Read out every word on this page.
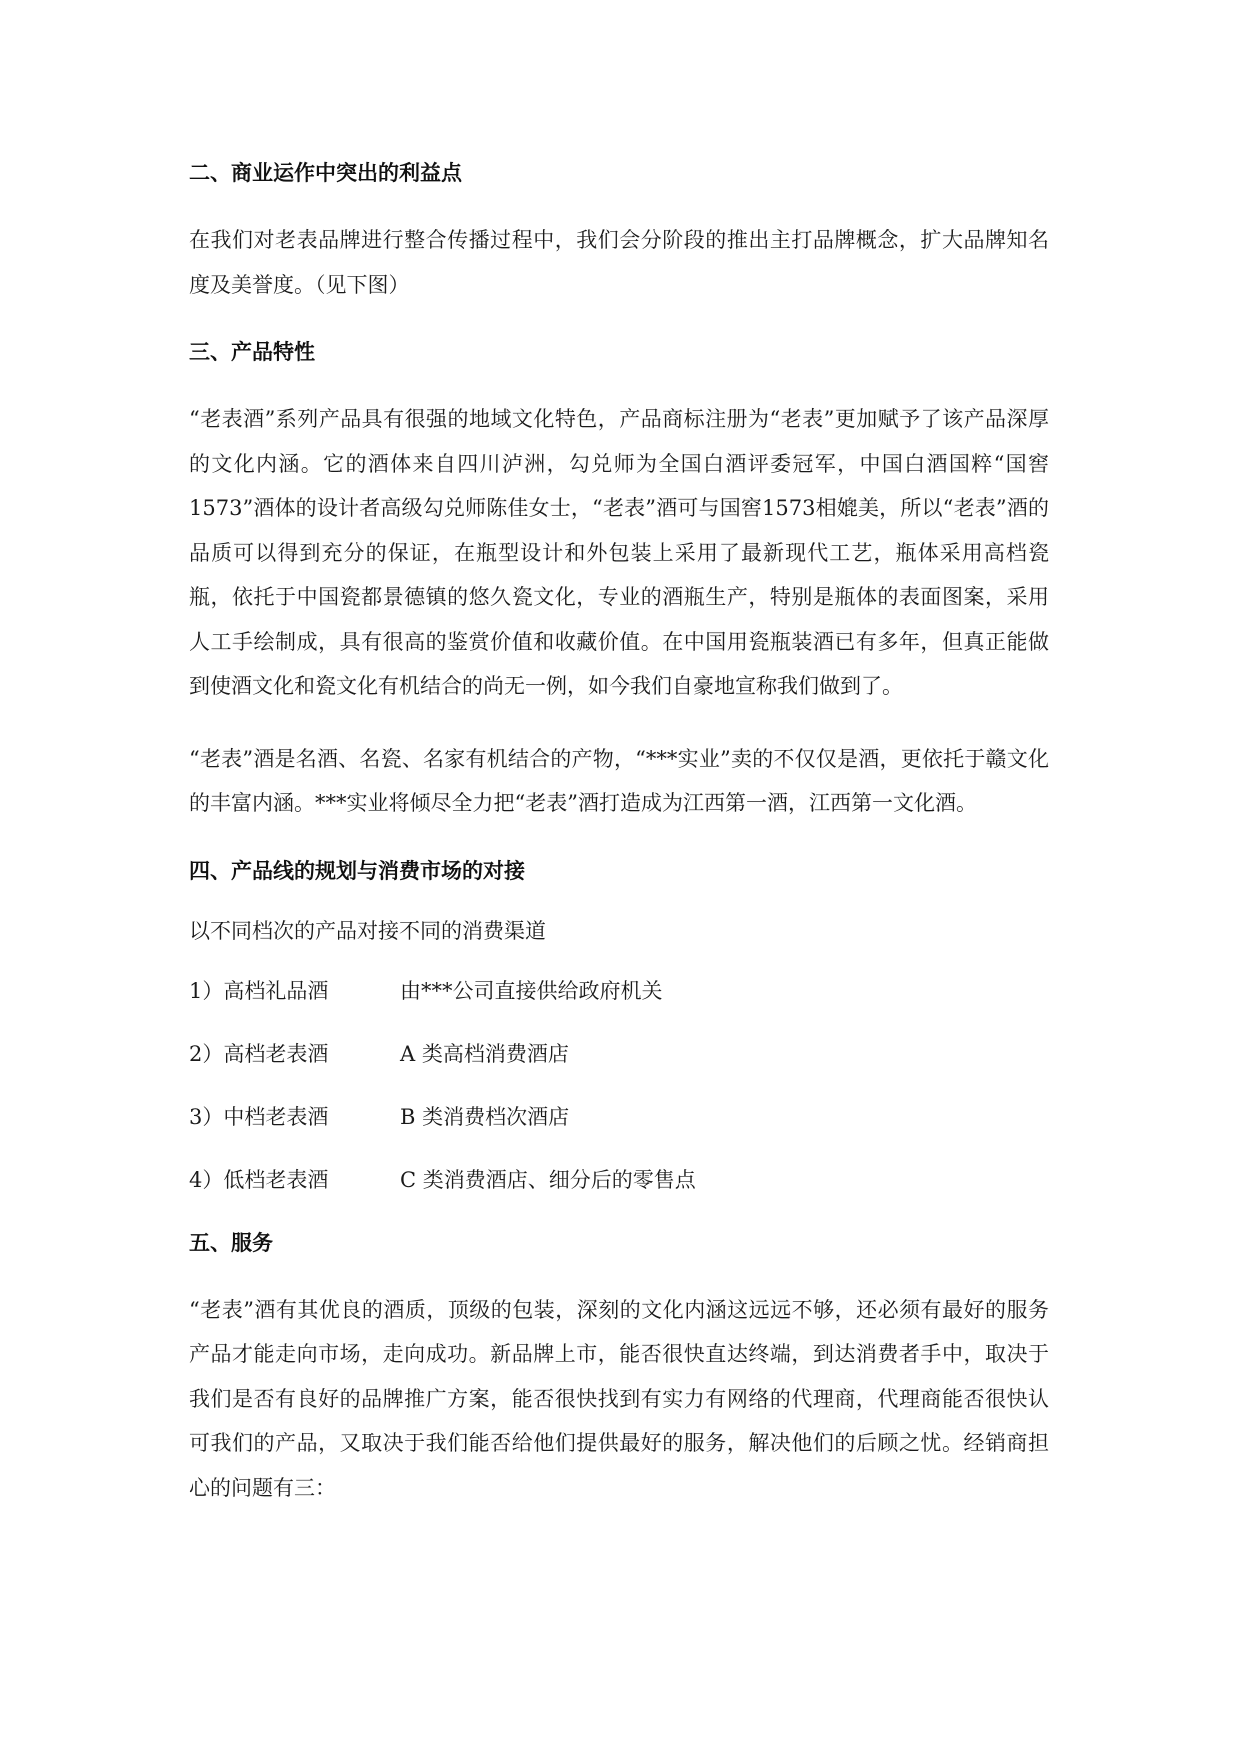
二、商业运作中突出的利益点

在我们对老表品牌进行整合传播过程中，我们会分阶段的推出主打品牌概念，扩大品牌知名度及美誉度。（见下图）

三、产品特性

“老表酒”系列产品具有很强的地域文化特色，产品商标注册为“老表”更加赋予了该产品深厚的文化内涵。它的酒体来自四川泸洲，勾兑师为全国白酒评委冠军，中国白酒国粹“国窖1573”酒体的设计者高级勾兑师陈佳女士，“老表”酒可与国窖1573相媲美，所以“老表”酒的品质可以得到充分的保证，在瓶型设计和外包装上采用了最新现代工艺，瓶体采用高档瓷瓶，依托于中国瓷都景德镇的悠久瓷文化，专业的酒瓶生产，特别是瓶体的表面图案，采用人工手绘制成，具有很高的鉴赏价值和收藏价值。在中国用瓷瓶装酒已有多年，但真正能做到使酒文化和瓷文化有机结合的尚无一例，如今我们自豪地宣称我们做到了。

“老表”酒是名酒、名瓷、名家有机结合的产物，“***实业”卖的不仅仅是酒，更依托于赣文化的丰富内涵。***实业将倾尽全力把“老表”酒打造成为江西第一酒，江西第一文化酒。

四、产品线的规划与消费市场的对接

以不同档次的产品对接不同的消费渠道

1）高档礼品酒	由***公司直接供给政府机关
2）高档老表酒	A 类高档消费酒店
3）中档老表酒	B 类消费档次酒店
4）低档老表酒	C 类消费酒店、细分后的零售点
五、服务

“老表”酒有其优良的酒质，顶级的包装，深刻的文化内涵这远远不够，还必须有最好的服务产品才能走向市场，走向成功。新品牌上市，能否很快直达终端，到达消费者手中，取决于我们是否有良好的品牌推广方案，能否很快找到有实力有网络的代理商，代理商能否很快认可我们的产品，又取决于我们能否给他们提供最好的服务，解决他们的后顾之忧。经销商担心的问题有三：
